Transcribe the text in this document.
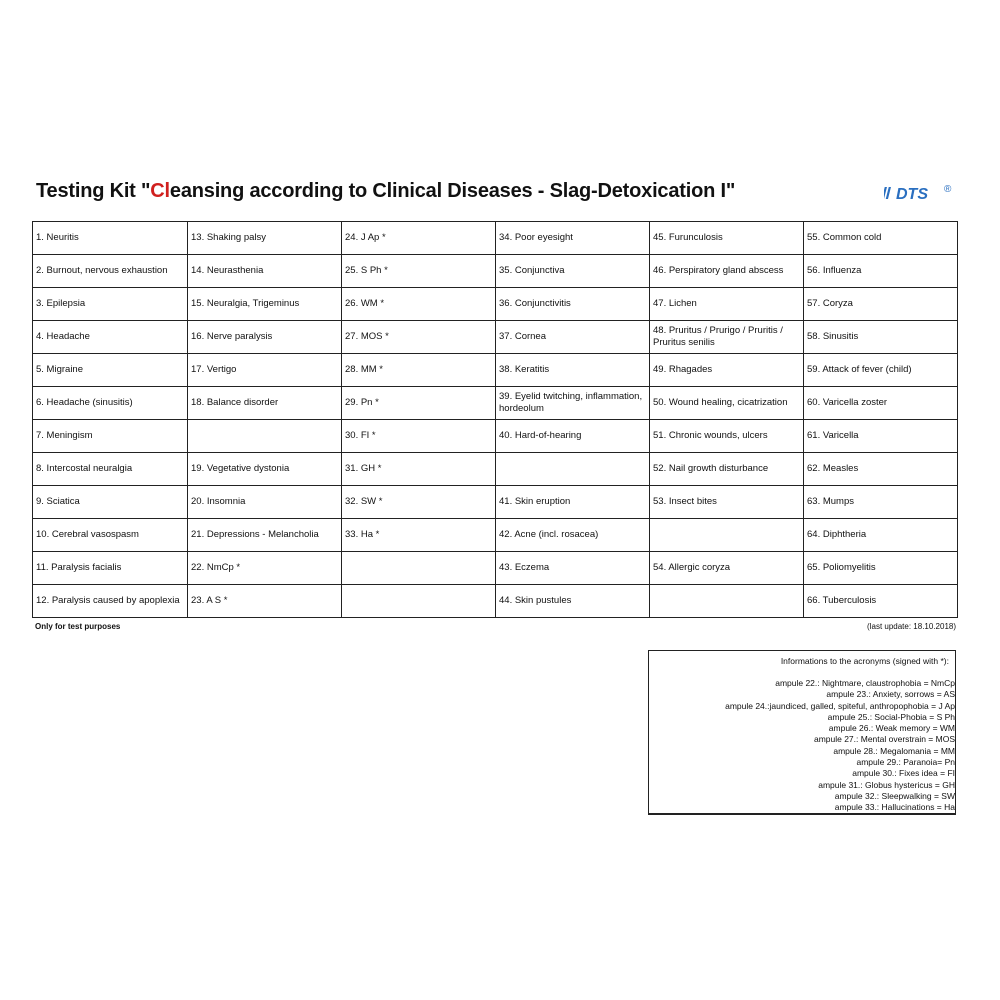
Testing Kit "Cleansing according to Clinical Diseases - Slag-Detoxication I"	DTS ®
1. Neuritis	13. Shaking palsy	24. J Ap *	34. Poor eyesight	45. Furunculosis	55. Common cold
2. Burnout, nervous exhaustion	14. Neurasthenia	25. S Ph *	35. Conjunctiva	46. Perspiratory gland abscess	56. Influenza
3. Epilepsia	15. Neuralgia, Trigeminus	26. WM *	36. Conjunctivitis	47. Lichen	57. Coryza
4. Headache	16. Nerve paralysis	27. MOS *	37. Cornea	48. Pruritus / Prurigo / Pruritis / Pruritus senilis	58. Sinusitis
5. Migraine	17. Vertigo	28. MM *	38. Keratitis	49. Rhagades	59. Attack of fever (child)
6. Headache (sinusitis)	18. Balance disorder	29. Pn *	39. Eyelid twitching, inflammation, hordeolum	50. Wound healing, cicatrization	60. Varicella zoster
7. Meningism		30. FI *	40. Hard-of-hearing	51. Chronic wounds, ulcers	61. Varicella
8. Intercostal neuralgia	19. Vegetative dystonia	31. GH *		52. Nail growth disturbance	62. Measles
9. Sciatica	20. Insomnia	32. SW *	41. Skin eruption	53. Insect bites	63. Mumps
10. Cerebral vasospasm	21. Depressions - Melancholia	33. Ha *	42. Acne (incl. rosacea)		64. Diphtheria
11. Paralysis facialis	22. NmCp *		43. Eczema	54. Allergic coryza	65. Poliomyelitis
12. Paralysis caused by apoplexia	23. A S *		44. Skin pustules		66. Tuberculosis
Only for test purposes	(last update: 18.10.2018)
Informations to the acronyms (signed with *):
ampule 22.: Nightmare, claustrophobia = NmCp
ampule 23.: Anxiety, sorrows = AS
ampule 24.:jaundiced, galled, spiteful, anthropophobia = J Ap
ampule 25.: Social-Phobia = S Ph
ampule 26.: Weak memory = WM
ampule 27.: Mental overstrain = MOS
ampule 28.: Megalomania = MM
ampule 29.: Paranoia= Pn
ampule 30.: Fixes idea = FI
ampule 31.: Globus hystericus = GH
ampule 32.: Sleepwalking = SW
ampule 33.: Hallucinations = Ha
